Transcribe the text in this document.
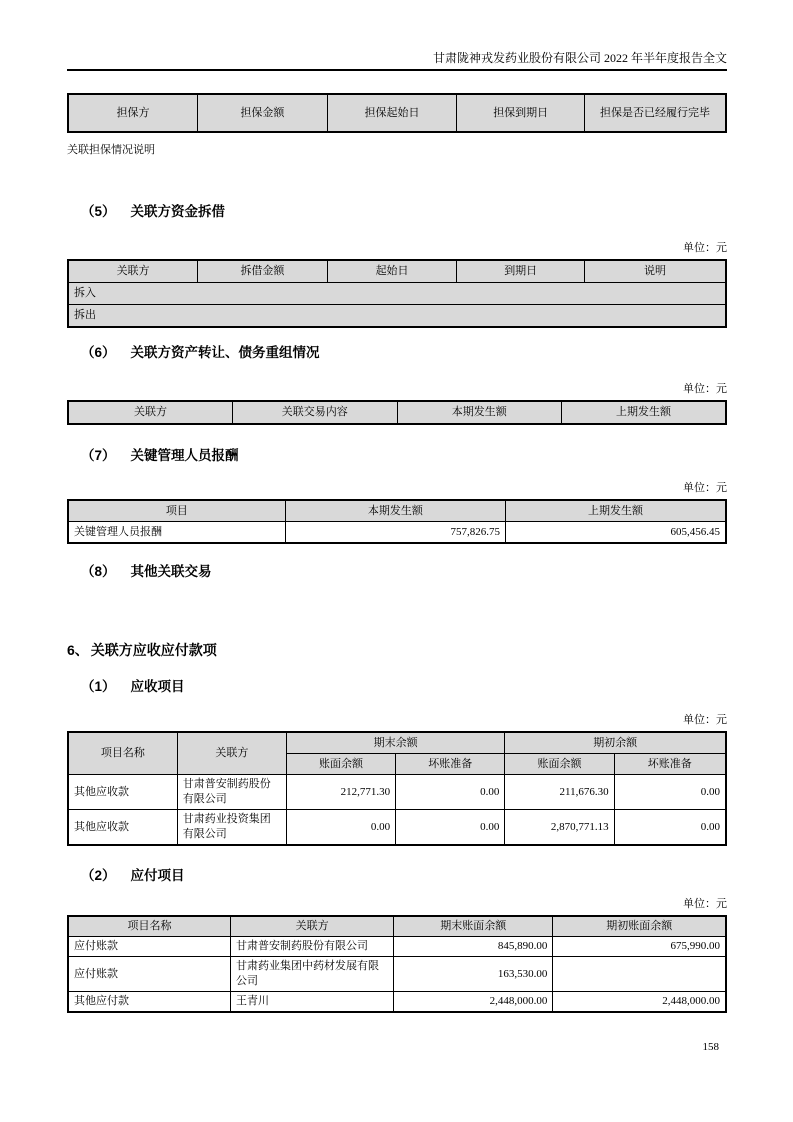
甘肃陇神戎发药业股份有限公司 2022 年半年度报告全文
担保方	担保金额	担保起始日	担保到期日	担保是否已经履行完毕

关联担保情况说明

（5） 关联方资金拆借
单位：元
关联方	拆借金额	起始日	到期日	说明
拆入
拆出
（6） 关联方资产转让、债务重组情况
单位：元
关联方	关联交易内容	本期发生额	上期发生额
（7） 关键管理人员报酬
单位：元
项目	本期发生额	上期发生额
关键管理人员报酬	757,826.75	605,456.45
（8） 其他关联交易
6、 关联方应收应付款项
（1） 应收项目
单位：元
项目名称	关联方	期末余额		期初余额	
		账面余额	坏账准备	账面余额	坏账准备
其他应收款	甘肃普安制药股份有限公司	212,771.30	0.00	211,676.30	0.00
其他应收款	甘肃药业投资集团有限公司	0.00	0.00	2,870,771.13	0.00
（2） 应付项目
单位：元
项目名称	关联方	期末账面余额	期初账面余额
应付账款	甘肃普安制药股份有限公司	845,890.00	675,990.00
应付账款	甘肃药业集团中药材发展有限公司	163,530.00	
其他应付款	王青川	2,448,000.00	2,448,000.00
158
